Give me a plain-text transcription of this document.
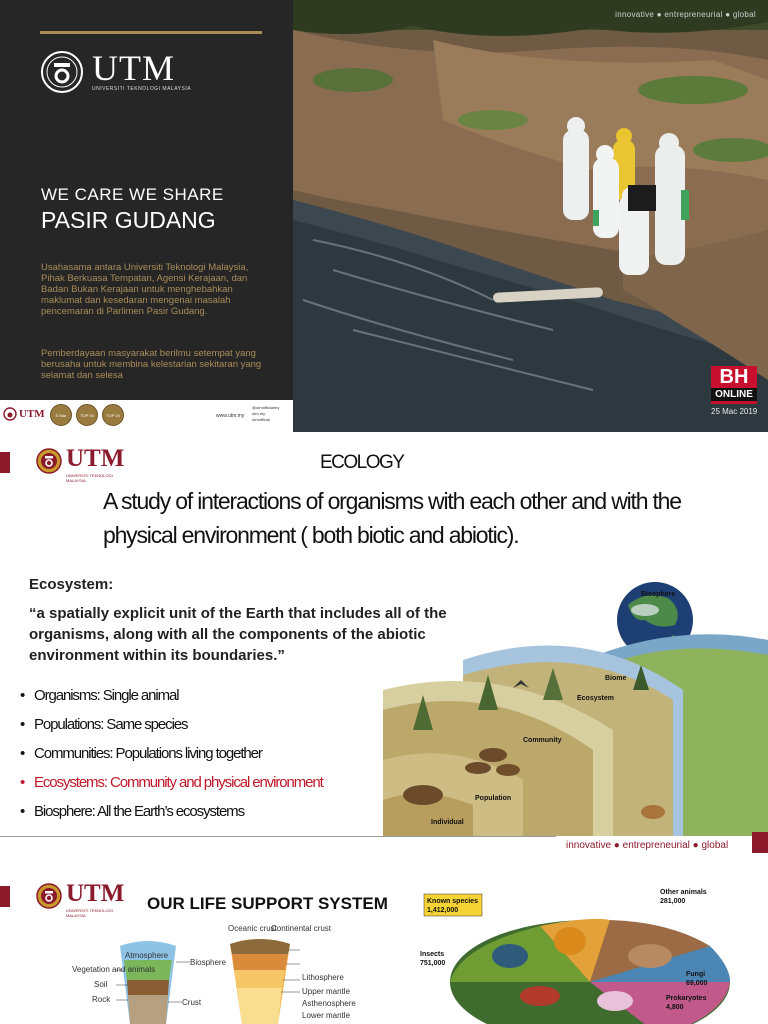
UTM
UNIVERSITI TEKNOLOGI MALAYSIA
WE CARE WE SHARE
PASIR GUDANG
Usahasama antara Universiti Teknologi Malaysia, Pihak Berkuasa Tempatan, Agensi Kerajaan, dan Badan Bukan Kerajaan untuk menghebahkan maklumat dan kesedaran mengenai masalah pencemaran di Parlimen Pasir Gudang.
Pemberdayaan masyarakat berilmu setempat yang berusaha untuk membina kelestarian sekitaran yang selamat dan selesa
UTM	5 Star	TOP 50	TOP 20	www.utm.my
@utmofficialmy
utm.my
utmofficial
innovative ● entrepreneurial ● global
BH
ONLINE
25 Mac 2019
UTM
UNIVERSITI TEKNOLOGI MALAYSIA
ECOLOGY
A study of interactions of organisms with each other and with the physical environment ( both biotic and abiotic).
Ecosystem:
“a spatially explicit unit of the Earth that includes all of the organisms, along with all the components of the abiotic environment within its boundaries.”
• Organisms: Single animal
• Populations: Same species
• Communities: Populations living together
• Ecosystems: Community and physical environment
• Biosphere: All the Earth’s ecosystems
Biosphere
Biome
Ecosystem
Community
Population
Individual
innovative ● entrepreneurial ● global
UTM
UNIVERSITI TEKNOLOGI MALAYSIA
OUR LIFE SUPPORT SYSTEM
Oceanic crust
Continental crust
Atmosphere
Vegetation and animals
Soil
Rock
Biosphere
Crust
Lithosphere
Upper mantle
Asthenosphere
Lower mantle
Known species
1,412,000
Insects
751,000
Other animals
281,000
Fungi
69,000
Prokaryotes
4,800
